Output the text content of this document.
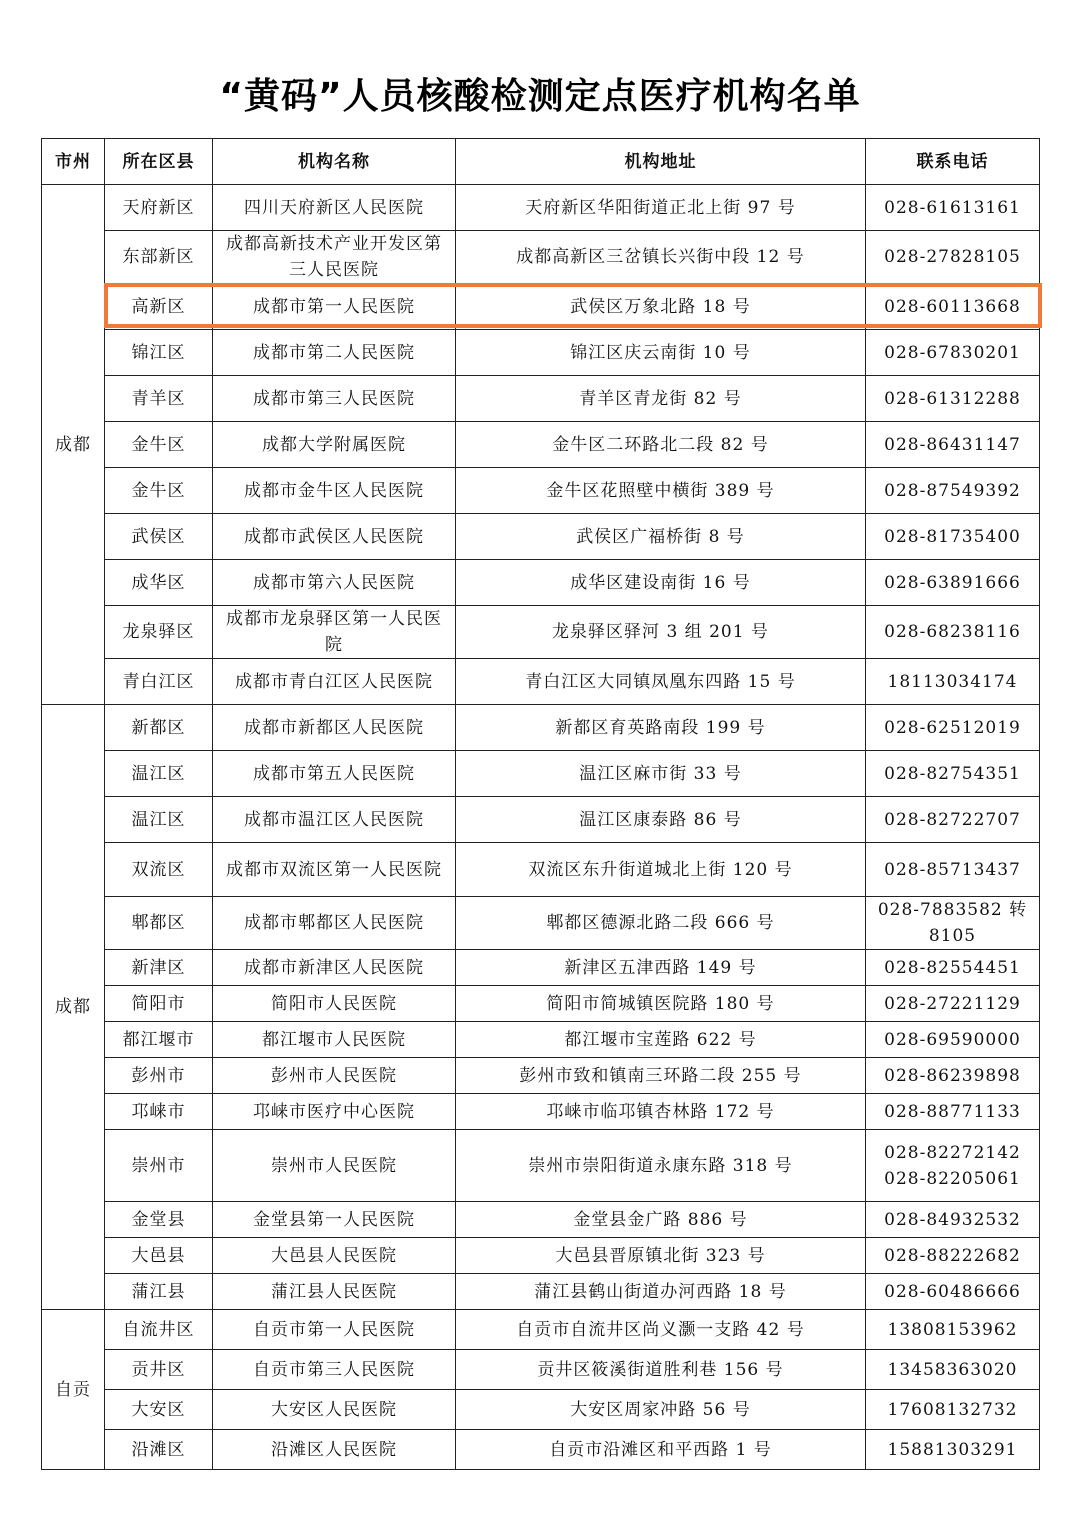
“黄码”人员核酸检测定点医疗机构名单
市州	所在区县	机构名称	机构地址	联系电话
成都	天府新区	四川天府新区人民医院	天府新区华阳街道正北上街 97 号	028-61613161
	东部新区	成都高新技术产业开发区第三人民医院	成都高新区三岔镇长兴街中段 12 号	028-27828105
	高新区	成都市第一人民医院	武侯区万象北路 18 号	028-60113668
	锦江区	成都市第二人民医院	锦江区庆云南街 10 号	028-67830201
	青羊区	成都市第三人民医院	青羊区青龙街 82 号	028-61312288
	金牛区	成都大学附属医院	金牛区二环路北二段 82 号	028-86431147
	金牛区	成都市金牛区人民医院	金牛区花照壁中横街 389 号	028-87549392
	武侯区	成都市武侯区人民医院	武侯区广福桥街 8 号	028-81735400
	成华区	成都市第六人民医院	成华区建设南街 16 号	028-63891666
	龙泉驿区	成都市龙泉驿区第一人民医院	龙泉驿区驿河 3 组 201 号	028-68238116
	青白江区	成都市青白江区人民医院	青白江区大同镇凤凰东四路 15 号	18113034174
成都	新都区	成都市新都区人民医院	新都区育英路南段 199 号	028-62512019
	温江区	成都市第五人民医院	温江区麻市街 33 号	028-82754351
	温江区	成都市温江区人民医院	温江区康泰路 86 号	028-82722707
	双流区	成都市双流区第一人民医院	双流区东升街道城北上街 120 号	028-85713437
	郫都区	成都市郫都区人民医院	郫都区德源北路二段 666 号	028-7883582 转 8105
	新津区	成都市新津区人民医院	新津区五津西路 149 号	028-82554451
	简阳市	简阳市人民医院	简阳市简城镇医院路 180 号	028-27221129
	都江堰市	都江堰市人民医院	都江堰市宝莲路 622 号	028-69590000
	彭州市	彭州市人民医院	彭州市致和镇南三环路二段 255 号	028-86239898
	邛崃市	邛崃市医疗中心医院	邛崃市临邛镇杏林路 172 号	028-88771133
	崇州市	崇州市人民医院	崇州市崇阳街道永康东路 318 号	028-82272142 028-82205061
	金堂县	金堂县第一人民医院	金堂县金广路 886 号	028-84932532
	大邑县	大邑县人民医院	大邑县晋原镇北街 323 号	028-88222682
	蒲江县	蒲江县人民医院	蒲江县鹤山街道办河西路 18 号	028-60486666
自贡	自流井区	自贡市第一人民医院	自贡市自流井区尚义灏一支路 42 号	13808153962
	贡井区	自贡市第三人民医院	贡井区筱溪街道胜利巷 156 号	13458363020
	大安区	大安区人民医院	大安区周家冲路 56 号	17608132732
	沿滩区	沿滩区人民医院	自贡市沿滩区和平西路 1 号	15881303291
